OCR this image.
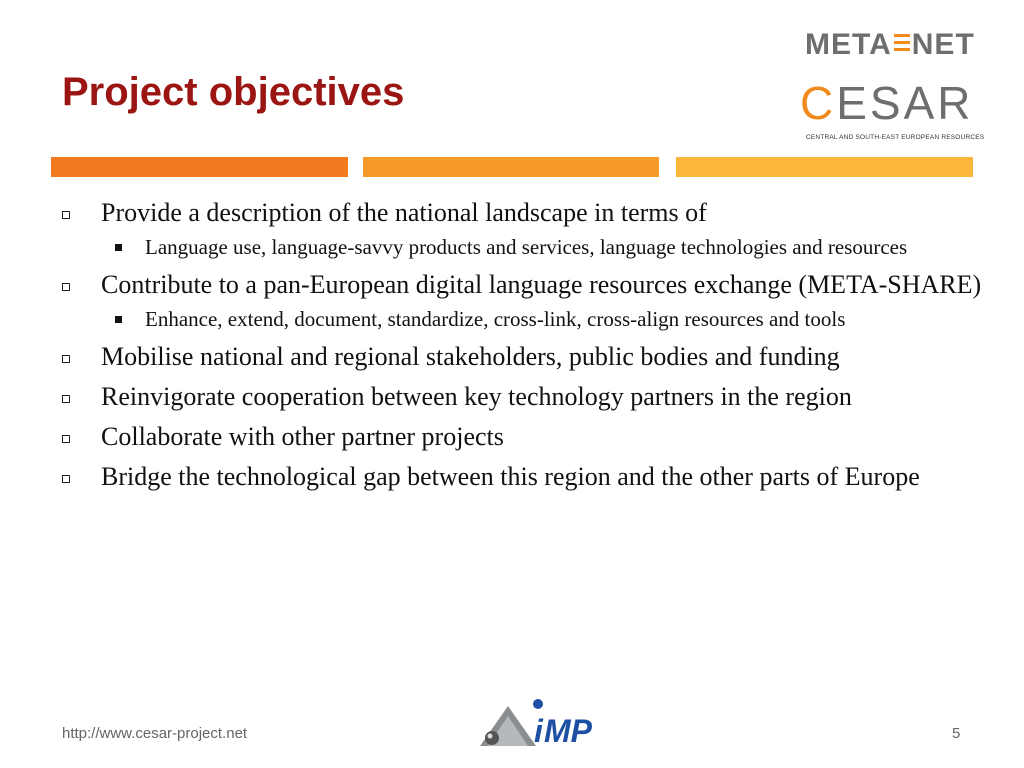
Project objectives
META NET
CESAR
CENTRAL AND SOUTH-EAST EUROPEAN RESOURCES
Provide a description of the national landscape in terms of
Language use, language-savvy products and services, language technologies and resources
Contribute to a pan-European digital language resources exchange (META-SHARE)
Enhance, extend, document, standardize, cross-link, cross-align resources and tools
Mobilise national and regional stakeholders, public bodies and funding
Reinvigorate cooperation between key technology partners in the region
Collaborate with other partner projects
Bridge the technological gap between this region and the other parts of Europe
http://www.cesar-project.net	i MP	5
